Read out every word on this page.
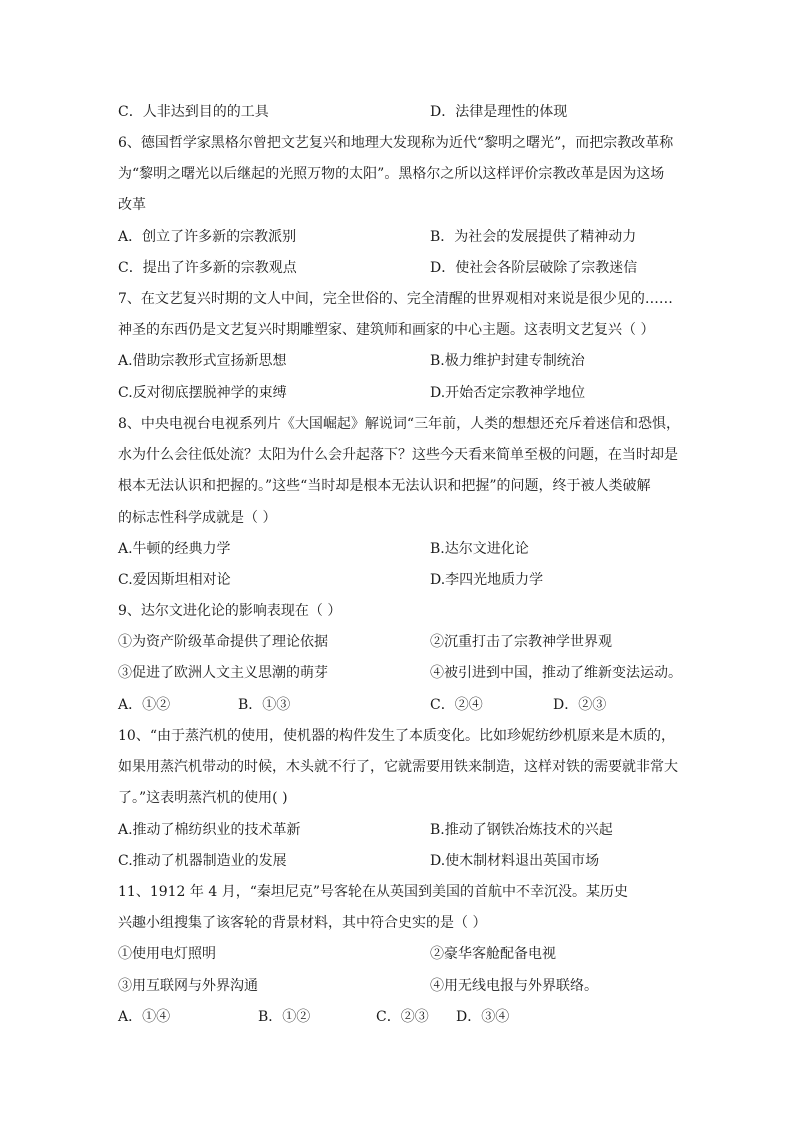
C．人非达到目的的工具	D．法律是理性的体现
6、德国哲学家黑格尔曾把文艺复兴和地理大发现称为近代“黎明之曙光”，而把宗教改革称
为“黎明之曙光以后继起的光照万物的太阳”。黑格尔之所以这样评价宗教改革是因为这场
改革
A．创立了许多新的宗教派别	B．为社会的发展提供了精神动力
C．提出了许多新的宗教观点	D．使社会各阶层破除了宗教迷信
7、在文艺复兴时期的文人中间，完全世俗的、完全清醒的世界观相对来说是很少见的……
神圣的东西仍是文艺复兴时期雕塑家、建筑师和画家的中心主题。这表明文艺复兴（ ）
A.借助宗教形式宣扬新思想	B.极力维护封建专制统治
C.反对彻底摆脱神学的束缚	D.开始否定宗教神学地位
8、中央电视台电视系列片《大国崛起》解说词“三年前，人类的想想还充斥着迷信和恐惧，
水为什么会往低处流？太阳为什么会升起落下？这些今天看来简单至极的问题，在当时却是
根本无法认识和把握的。”这些“当时却是根本无法认识和把握”的问题，终于被人类破解
的标志性科学成就是（ ）
A.牛顿的经典力学	B.达尔文进化论
C.爱因斯坦相对论	D.李四光地质力学
9、达尔文进化论的影响表现在（ ）
①为资产阶级革命提供了理论依据	②沉重打击了宗教神学世界观
③促进了欧洲人文主义思潮的萌芽	④被引进到中国，推动了维新变法运动。
A．①②	B．①③	C．②④	D．②③
10、“由于蒸汽机的使用，使机器的构件发生了本质变化。比如珍妮纺纱机原来是木质的，
如果用蒸汽机带动的时候，木头就不行了，它就需要用铁来制造，这样对铁的需要就非常大
了。”这表明蒸汽机的使用( )
A.推动了棉纺织业的技术革新	B.推动了钢铁冶炼技术的兴起
C.推动了机器制造业的发展	D.使木制材料退出英国市场
11、1912 年 4 月，“秦坦尼克”号客轮在从英国到美国的首航中不幸沉没。某历史
兴趣小组搜集了该客轮的背景材料，其中符合史实的是（ ）
①使用电灯照明	②豪华客舱配备电视
③用互联网与外界沟通	④用无线电报与外界联络。
A．①④	B．①②	C．②③ D．③④
